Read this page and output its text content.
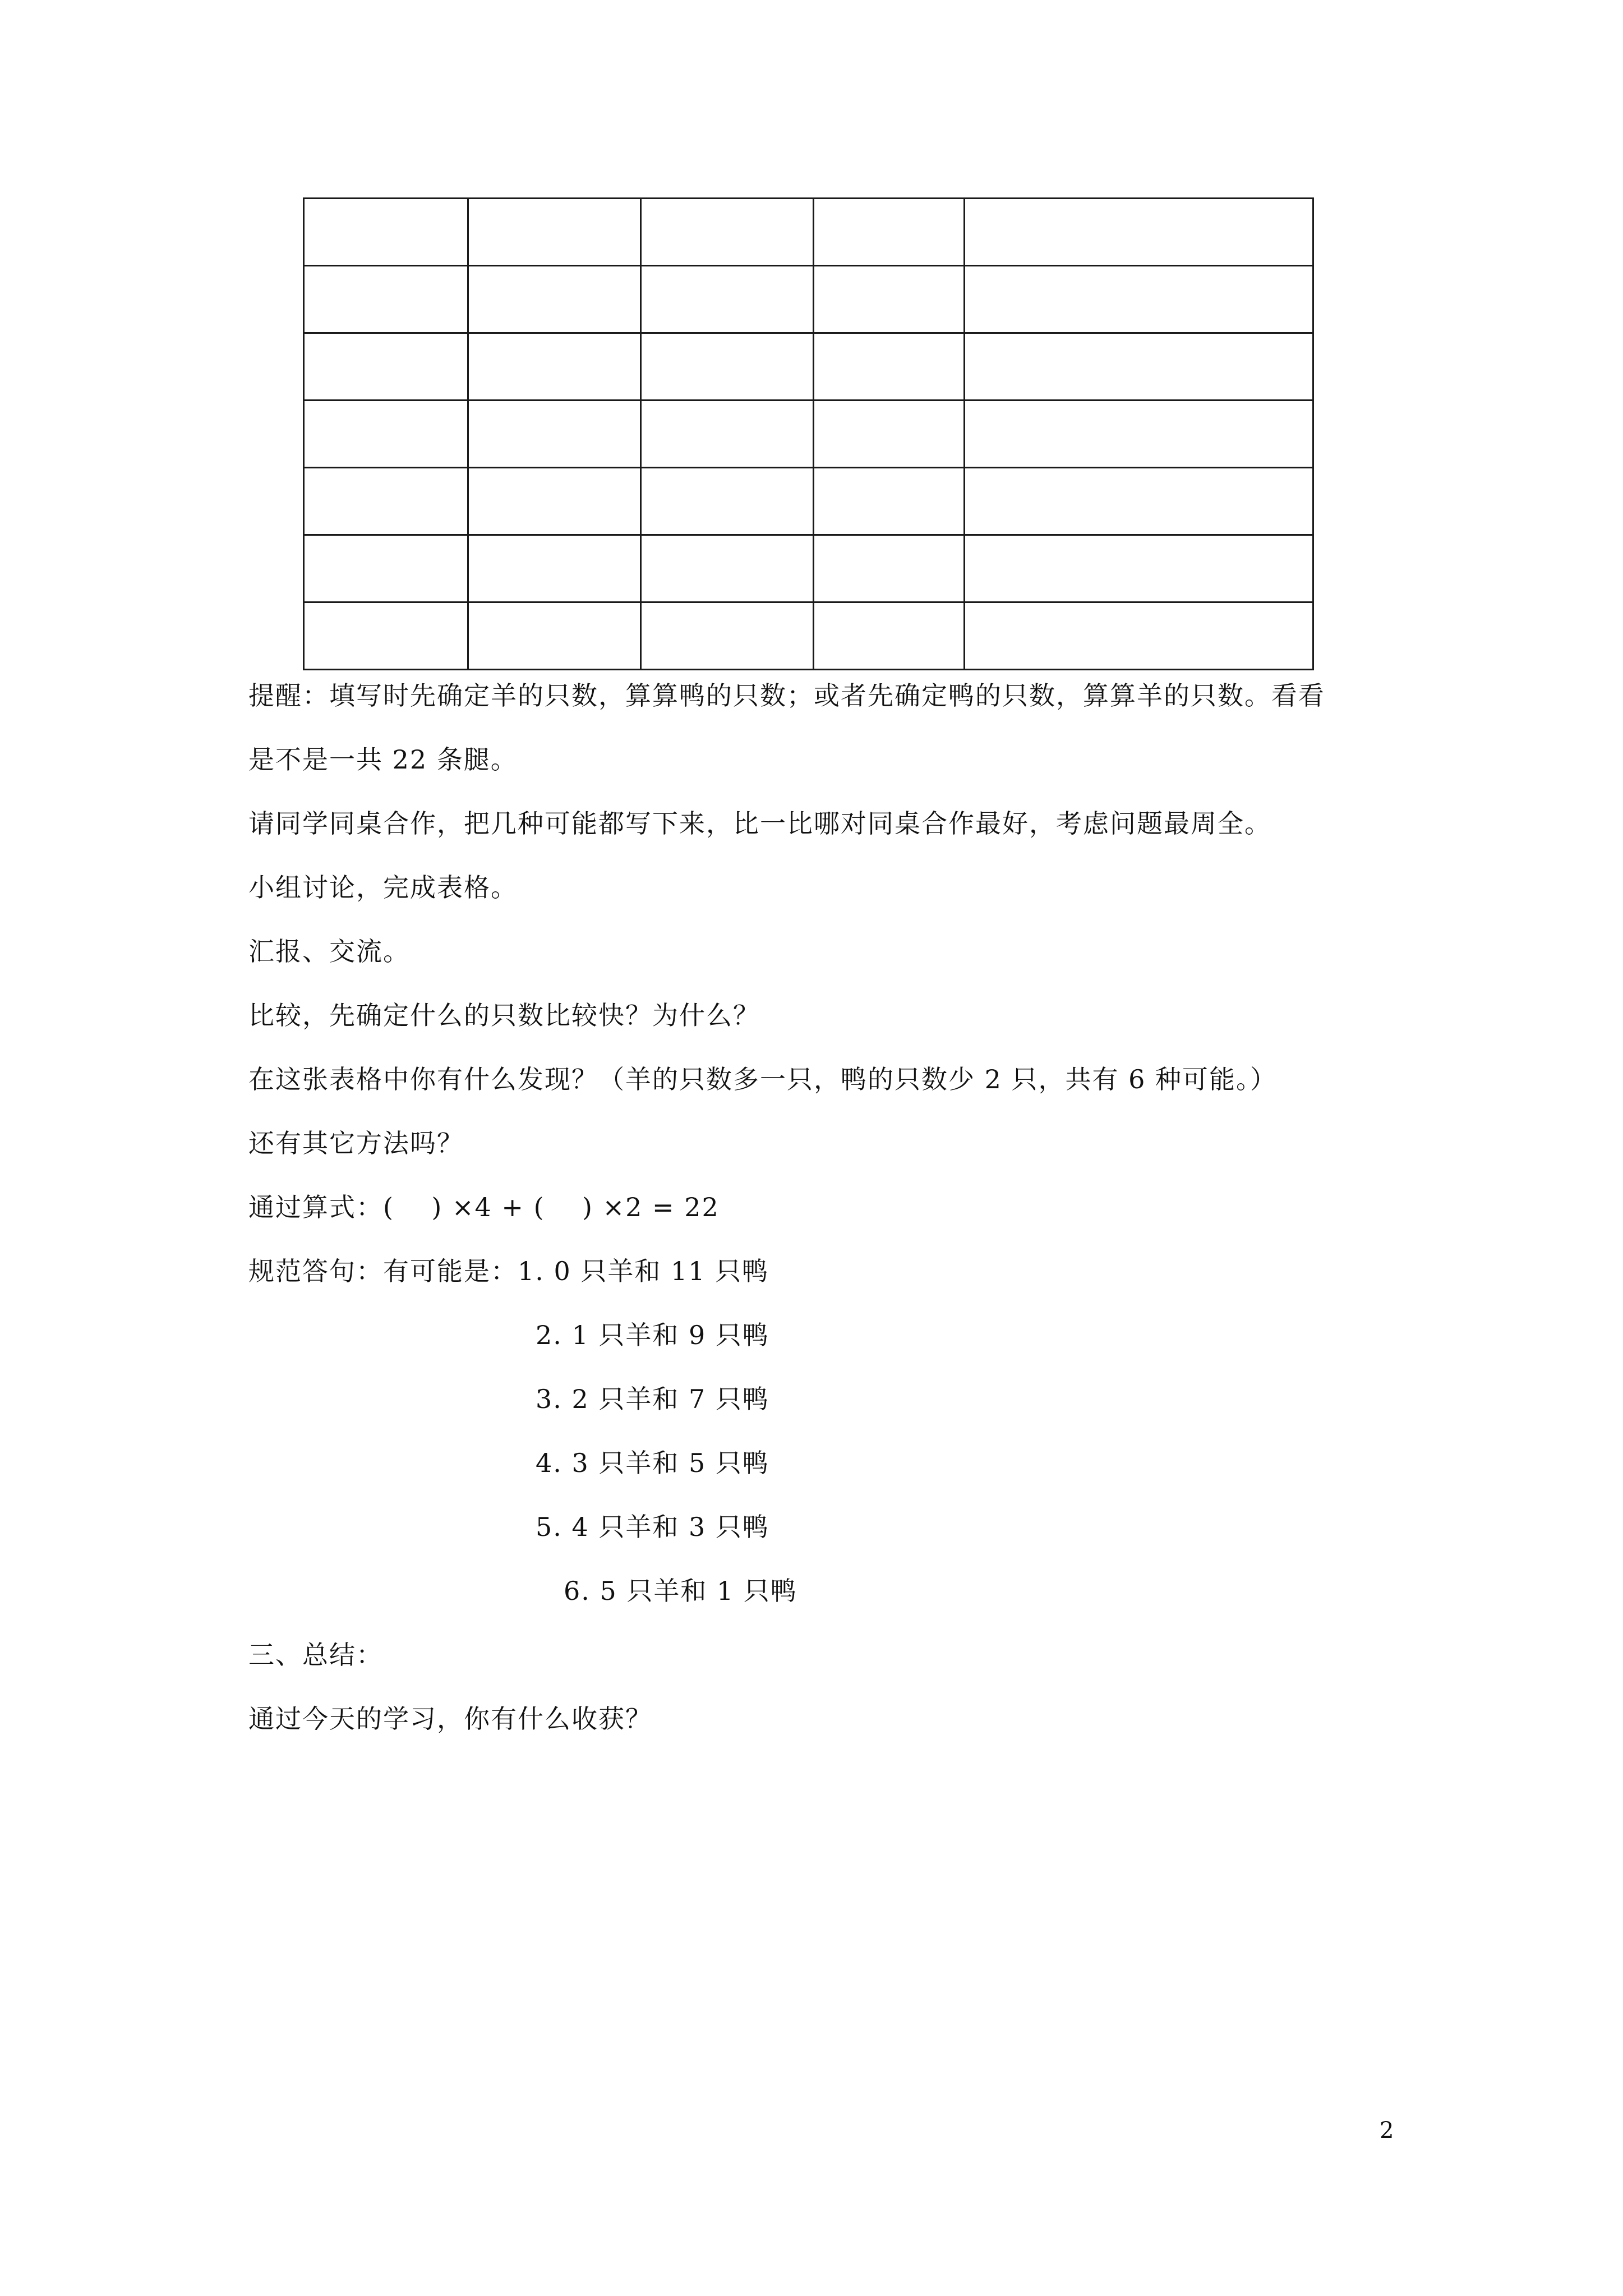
提醒：填写时先确定羊的只数，算算鸭的只数；或者先确定鸭的只数，算算羊的只数。看看
是不是一共 22 条腿。
请同学同桌合作，把几种可能都写下来，比一比哪对同桌合作最好，考虑问题最周全。
小组讨论，完成表格。
汇报、交流。
比较，先确定什么的只数比较快？为什么？
在这张表格中你有什么发现？（羊的只数多一只，鸭的只数少 2 只，共有 6 种可能。）
还有其它方法吗？
通过算式：(    ) ×4 + (    ) ×2 = 22
规范答句：有可能是：1. 0 只羊和 11 只鸭
2. 1 只羊和 9 只鸭
3. 2 只羊和 7 只鸭
4. 3 只羊和 5 只鸭
5. 4 只羊和 3 只鸭
6. 5 只羊和 1 只鸭
三、总结：
通过今天的学习，你有什么收获？
2
